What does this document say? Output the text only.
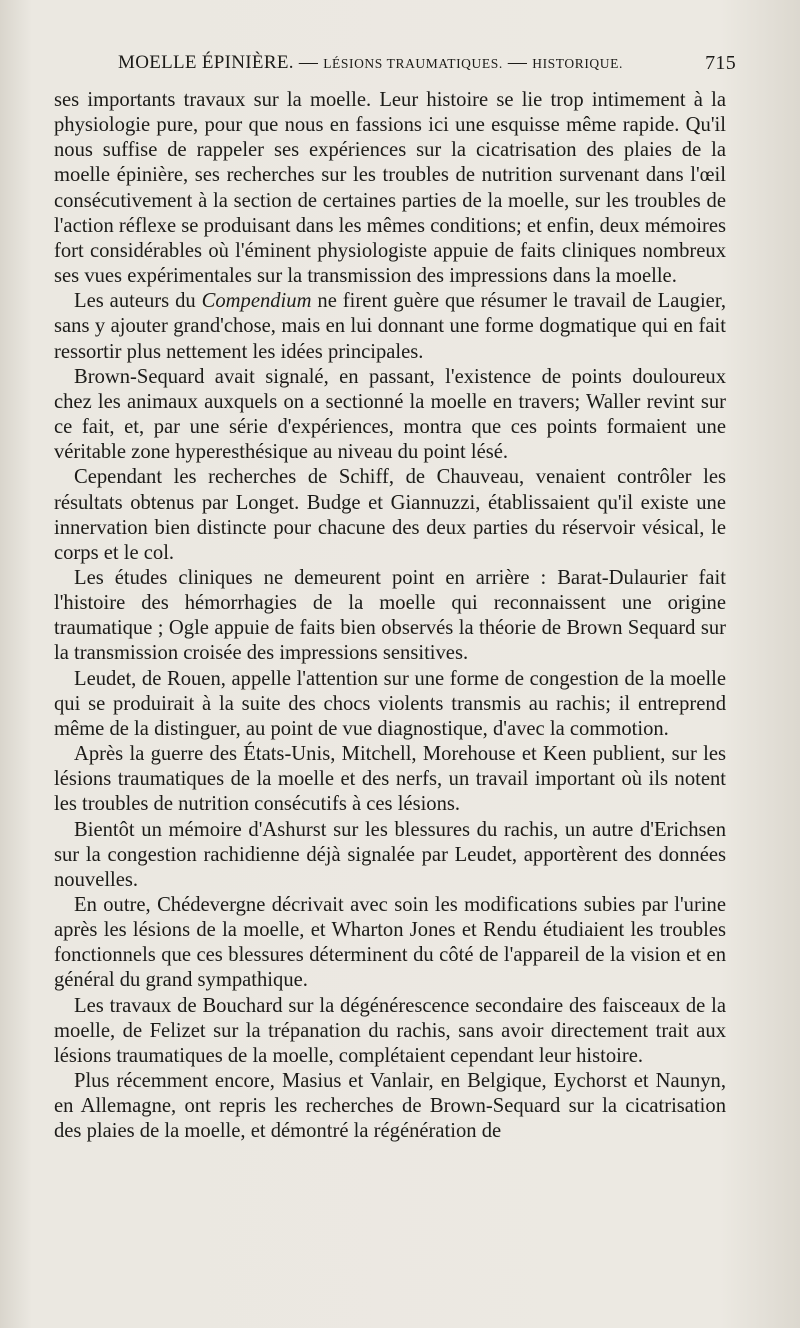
MOELLE ÉPINIÈRE. — LÉSIONS TRAUMATIQUES. — HISTORIQUE.	715

ses importants travaux sur la moelle. Leur histoire se lie trop intimement à la physiologie pure, pour que nous en fassions ici une esquisse même rapide. Qu'il nous suffise de rappeler ses expériences sur la cicatrisation des plaies de la moelle épinière, ses recherches sur les troubles de nutrition survenant dans l'œil consécutivement à la section de certaines parties de la moelle, sur les troubles de l'action réflexe se produisant dans les mêmes conditions; et enfin, deux mémoires fort considérables où l'éminent physiologiste appuie de faits cliniques nombreux ses vues expérimentales sur la transmission des impressions dans la moelle.

Les auteurs du Compendium ne firent guère que résumer le travail de Laugier, sans y ajouter grand'chose, mais en lui donnant une forme dogmatique qui en fait ressortir plus nettement les idées principales.

Brown-Sequard avait signalé, en passant, l'existence de points douloureux chez les animaux auxquels on a sectionné la moelle en travers; Waller revint sur ce fait, et, par une série d'expériences, montra que ces points formaient une véritable zone hyperesthésique au niveau du point lésé.

Cependant les recherches de Schiff, de Chauveau, venaient contrôler les résultats obtenus par Longet. Budge et Giannuzzi, établissaient qu'il existe une innervation bien distincte pour chacune des deux parties du réservoir vésical, le corps et le col.

Les études cliniques ne demeurent point en arrière : Barat-Dulaurier fait l'histoire des hémorrhagies de la moelle qui reconnaissent une origine traumatique ; Ogle appuie de faits bien observés la théorie de Brown Sequard sur la transmission croisée des impressions sensitives.

Leudet, de Rouen, appelle l'attention sur une forme de congestion de la moelle qui se produirait à la suite des chocs violents transmis au rachis; il entreprend même de la distinguer, au point de vue diagnostique, d'avec la commotion.

Après la guerre des États-Unis, Mitchell, Morehouse et Keen publient, sur les lésions traumatiques de la moelle et des nerfs, un travail important où ils notent les troubles de nutrition consécutifs à ces lésions.

Bientôt un mémoire d'Ashurst sur les blessures du rachis, un autre d'Erichsen sur la congestion rachidienne déjà signalée par Leudet, apportèrent des données nouvelles.

En outre, Chédevergne décrivait avec soin les modifications subies par l'urine après les lésions de la moelle, et Wharton Jones et Rendu étudiaient les troubles fonctionnels que ces blessures déterminent du côté de l'appareil de la vision et en général du grand sympathique.

Les travaux de Bouchard sur la dégénérescence secondaire des faisceaux de la moelle, de Felizet sur la trépanation du rachis, sans avoir directement trait aux lésions traumatiques de la moelle, complétaient cependant leur histoire.

Plus récemment encore, Masius et Vanlair, en Belgique, Eychorst et Naunyn, en Allemagne, ont repris les recherches de Brown-Sequard sur la cicatrisation des plaies de la moelle, et démontré la régénération de
